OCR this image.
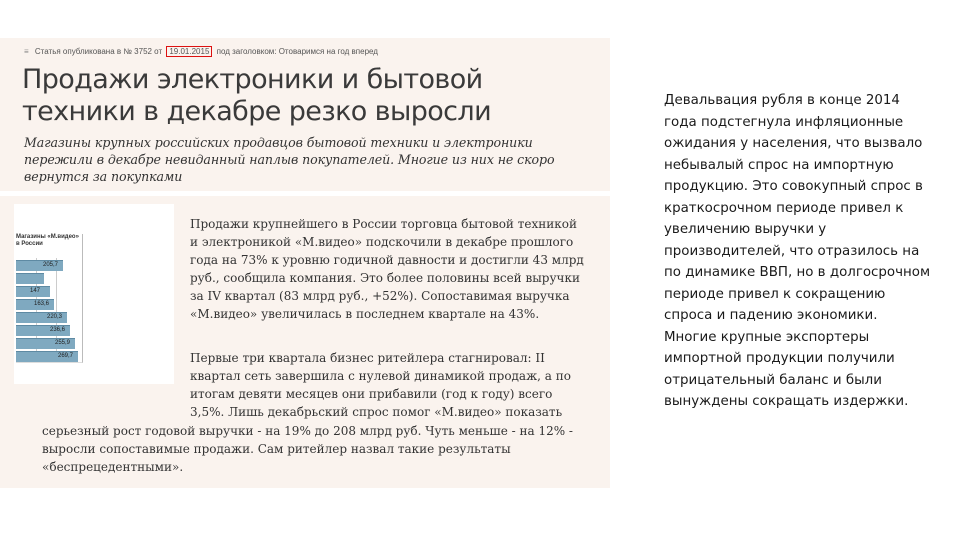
≡ Статья опубликована в № 3752 от 19.01.2015 под заголовком: Отоваримся на год вперед
Продажи электроники и бытовой техники в декабре резко выросли
Магазины крупных российских продавцов бытовой техники и электроники пережили в декабре невиданный наплыв покупателей. Многие из них не скоро вернутся за покупками
Магазины «М.видео» в России
205,7
147
163,6
220,3
236,6
255,9
269,7
Продажи крупнейшего в России торговца бытовой техникой и электроникой «М.видео» подскочили в декабре прошлого года на 73% к уровню годичной давности и достигли 43 млрд руб., сообщила компания. Это более половины всей выручки за IV квартал (83 млрд руб., +52%). Сопоставимая выручка «М.видео» увеличилась в последнем квартале на 43%.
Первые три квартала бизнес ритейлера стагнировал: II квартал сеть завершила с нулевой динамикой продаж, а по итогам девяти месяцев они прибавили (год к году) всего 3,5%. Лишь декабрьский спрос помог «М.видео» показать
серьезный рост годовой выручки - на 19% до 208 млрд руб. Чуть меньше - на 12% - выросли сопоставимые продажи. Сам ритейлер назвал такие результаты «беспрецедентными».
Девальвация рубля в конце 2014 года подстегнула инфляционные ожидания у населения, что вызвало небывалый спрос на импортную продукцию. Это совокупный спрос в краткосрочном периоде привел к увеличению выручки у производителей, что отразилось на по динамике ВВП, но в долгосрочном периоде привел к сокращению спроса и падению экономики. Многие крупные экспортеры импортной продукции получили отрицательный баланс и были вынуждены сокращать издержки.
